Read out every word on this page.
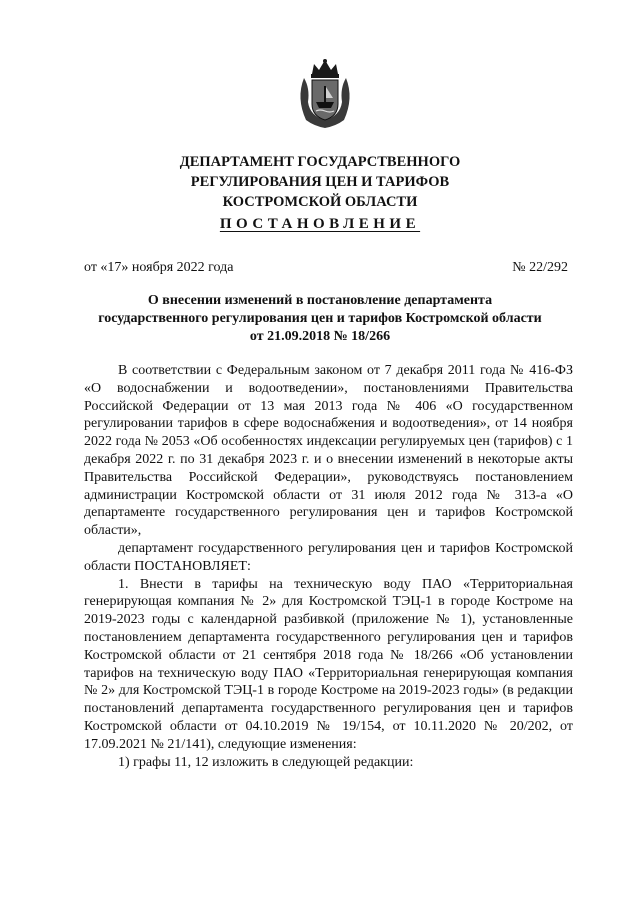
ДЕПАРТАМЕНТ ГОСУДАРСТВЕННОГО
РЕГУЛИРОВАНИЯ ЦЕН И ТАРИФОВ
КОСТРОМСКОЙ ОБЛАСТИ
ПОСТАНОВЛЕНИЕ
от «17» ноября 2022 года	№ 22/292
О внесении изменений в постановление департамента
государственного регулирования цен и тарифов Костромской области
от 21.09.2018 № 18/266

В соответствии с Федеральным законом от 7 декабря 2011 года № 416-ФЗ «О водоснабжении и водоотведении», постановлениями Правительства Российской Федерации от 13 мая 2013 года № 406 «О государственном регулировании тарифов в сфере водоснабжения и водоотведения», от 14 ноября 2022 года № 2053 «Об особенностях индексации регулируемых цен (тарифов) с 1 декабря 2022 г. по 31 декабря 2023 г. и о внесении изменений в некоторые акты Правительства Российской Федерации», руководствуясь постановлением администрации Костромской области от 31 июля 2012 года № 313-а «О департаменте государственного регулирования цен и тарифов Костромской области»,

департамент государственного регулирования цен и тарифов Костромской области ПОСТАНОВЛЯЕТ:

1. Внести в тарифы на техническую воду ПАО «Территориальная генерирующая компания № 2» для Костромской ТЭЦ-1 в городе Костроме на 2019-2023 годы с календарной разбивкой (приложение № 1), установленные постановлением департамента государственного регулирования цен и тарифов Костромской области от 21 сентября 2018 года № 18/266 «Об установлении тарифов на техническую воду ПАО «Территориальная генерирующая компания № 2» для Костромской ТЭЦ-1 в городе Костроме на 2019-2023 годы» (в редакции постановлений департамента государственного регулирования цен и тарифов Костромской области от 04.10.2019 № 19/154, от 10.11.2020 № 20/202, от 17.09.2021 № 21/141), следующие изменения:

1) графы 11, 12 изложить в следующей редакции:
